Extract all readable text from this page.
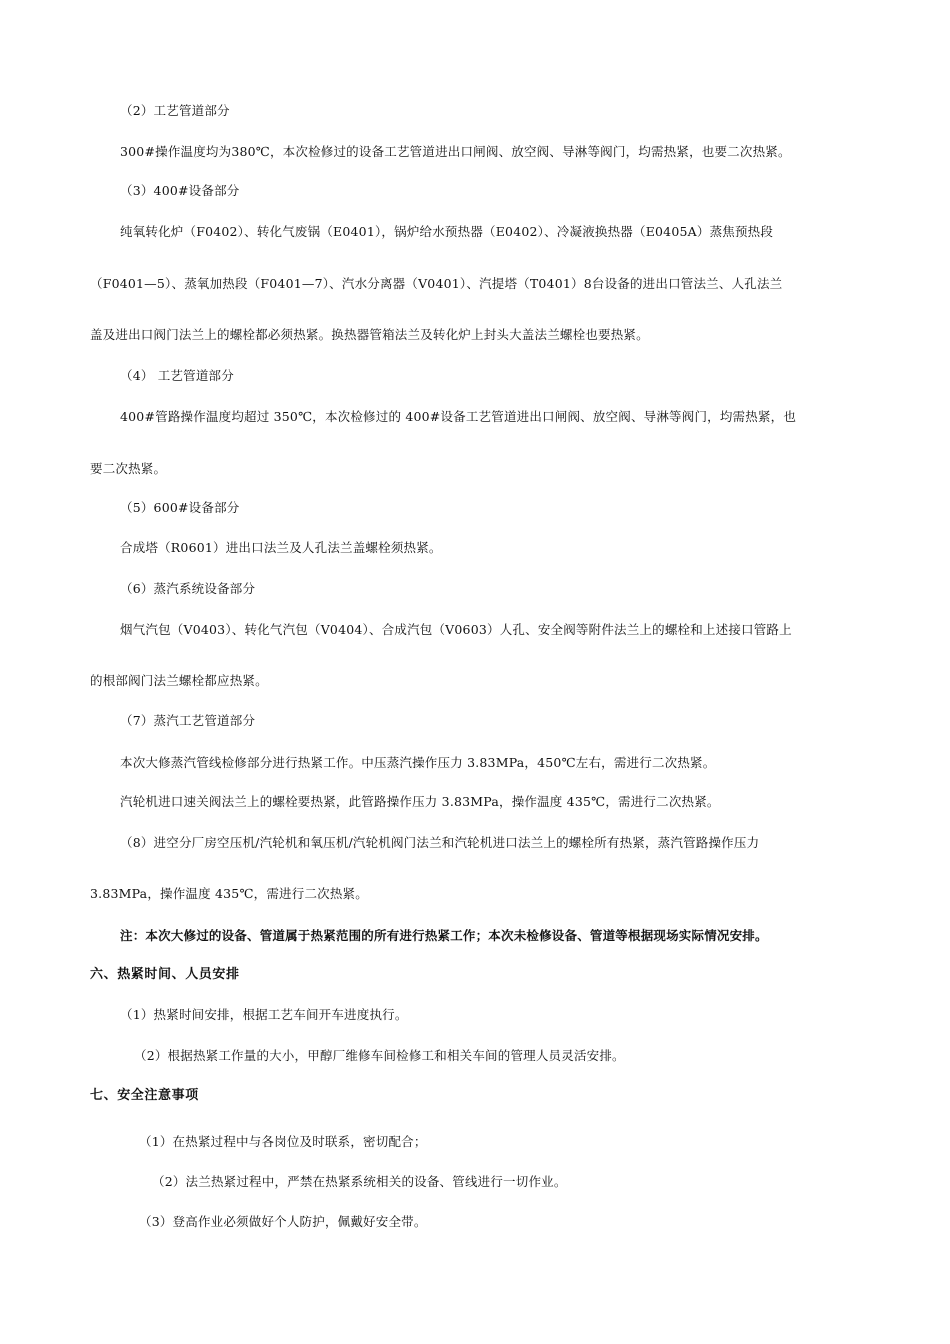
（2）工艺管道部分
300#操作温度均为380℃，本次检修过的设备工艺管道进出口闸阀、放空阀、导淋等阀门，均需热紧，也要二次热紧。
（3）400#设备部分
纯氧转化炉（F0402）、转化气废锅（E0401），锅炉给水预热器（E0402）、冷凝液换热器（E0405A）蒸焦预热段
（F0401—5）、蒸氧加热段（F0401—7）、汽水分离器（V0401）、汽提塔（T0401）8台设备的进出口管法兰、人孔法兰
盖及进出口阀门法兰上的螺栓都必须热紧。换热器管箱法兰及转化炉上封头大盖法兰螺栓也要热紧。
（4） 工艺管道部分
400#管路操作温度均超过 350℃，本次检修过的 400#设备工艺管道进出口闸阀、放空阀、导淋等阀门，均需热紧，也
要二次热紧。
（5）600#设备部分
合成塔（R0601）进出口法兰及人孔法兰盖螺栓须热紧。
（6）蒸汽系统设备部分
烟气汽包（V0403）、转化气汽包（V0404）、合成汽包（V0603）人孔、安全阀等附件法兰上的螺栓和上述接口管路上
的根部阀门法兰螺栓都应热紧。
（7）蒸汽工艺管道部分
本次大修蒸汽管线检修部分进行热紧工作。中压蒸汽操作压力 3.83MPa，450℃左右，需进行二次热紧。
汽轮机进口速关阀法兰上的螺栓要热紧，此管路操作压力 3.83MPa，操作温度 435℃，需进行二次热紧。
（8）进空分厂房空压机/汽轮机和氧压机/汽轮机阀门法兰和汽轮机进口法兰上的螺栓所有热紧，蒸汽管路操作压力
3.83MPa，操作温度 435℃，需进行二次热紧。
注：本次大修过的设备、管道属于热紧范围的所有进行热紧工作；本次未检修设备、管道等根据现场实际情况安排。
六、热紧时间、人员安排
（1）热紧时间安排，根据工艺车间开车进度执行。
（2）根据热紧工作量的大小，甲醇厂维修车间检修工和相关车间的管理人员灵活安排。
七、安全注意事项
（1）在热紧过程中与各岗位及时联系，密切配合；
（2）法兰热紧过程中，严禁在热紧系统相关的设备、管线进行一切作业。
（3）登高作业必须做好个人防护，佩戴好安全带。
